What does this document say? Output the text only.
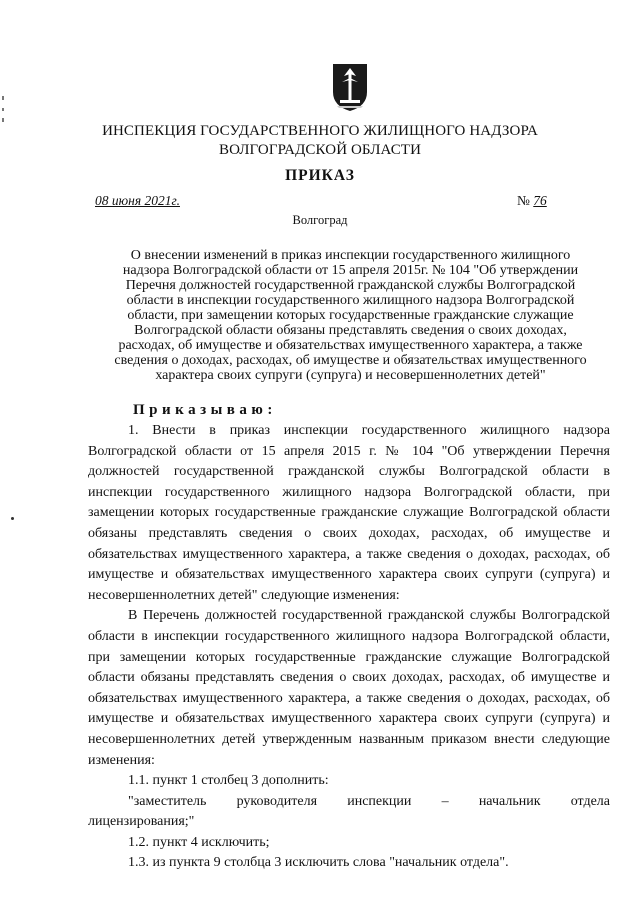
ИНСПЕКЦИЯ ГОСУДАРСТВЕННОГО ЖИЛИЩНОГО НАДЗОРА
ВОЛГОГРАДСКОЙ ОБЛАСТИ
ПРИКАЗ
08 июня 2021г.	№ 76
Волгоград
О внесении изменений в приказ инспекции государственного жилищного
надзора Волгоградской области от 15 апреля 2015г. № 104 "Об утверждении
Перечня должностей государственной гражданской службы Волгоградской
области в инспекции государственного жилищного надзора Волгоградской
области, при замещении которых государственные гражданские служащие
Волгоградской области обязаны представлять сведения о своих доходах,
расходах, об имуществе и обязательствах имущественного характера, а также
сведения о доходах, расходах, об имуществе и обязательствах имущественного
характера своих супруги (супруга) и несовершеннолетних детей"
Приказываю:

1. Внести в приказ инспекции государственного жилищного надзора Волгоградской области от 15 апреля 2015 г. № 104 "Об утверждении Перечня должностей государственной гражданской службы Волгоградской области в инспекции государственного жилищного надзора Волгоградской области, при замещении которых государственные гражданские служащие Волгоградской области обязаны представлять сведения о своих доходах, расходах, об имуществе и обязательствах имущественного характера, а также сведения о доходах, расходах, об имуществе и обязательствах имущественного характера своих супруги (супруга) и несовершеннолетних детей" следующие изменения:

В Перечень должностей государственной гражданской службы Волгоградской области в инспекции государственного жилищного надзора Волгоградской области, при замещении которых государственные гражданские служащие Волгоградской области обязаны представлять сведения о своих доходах, расходах, об имуществе и обязательствах имущественного характера, а также сведения о доходах, расходах, об имуществе и обязательствах имущественного характера своих супруги (супруга) и несовершеннолетних детей утвержденным названным приказом внести следующие изменения:

1.1. пункт 1 столбец 3 дополнить:

"заместитель руководителя инспекции – начальник отдела

лицензирования;"

1.2. пункт 4 исключить;

1.3. из пункта 9 столбца 3 исключить слова "начальник отдела".
